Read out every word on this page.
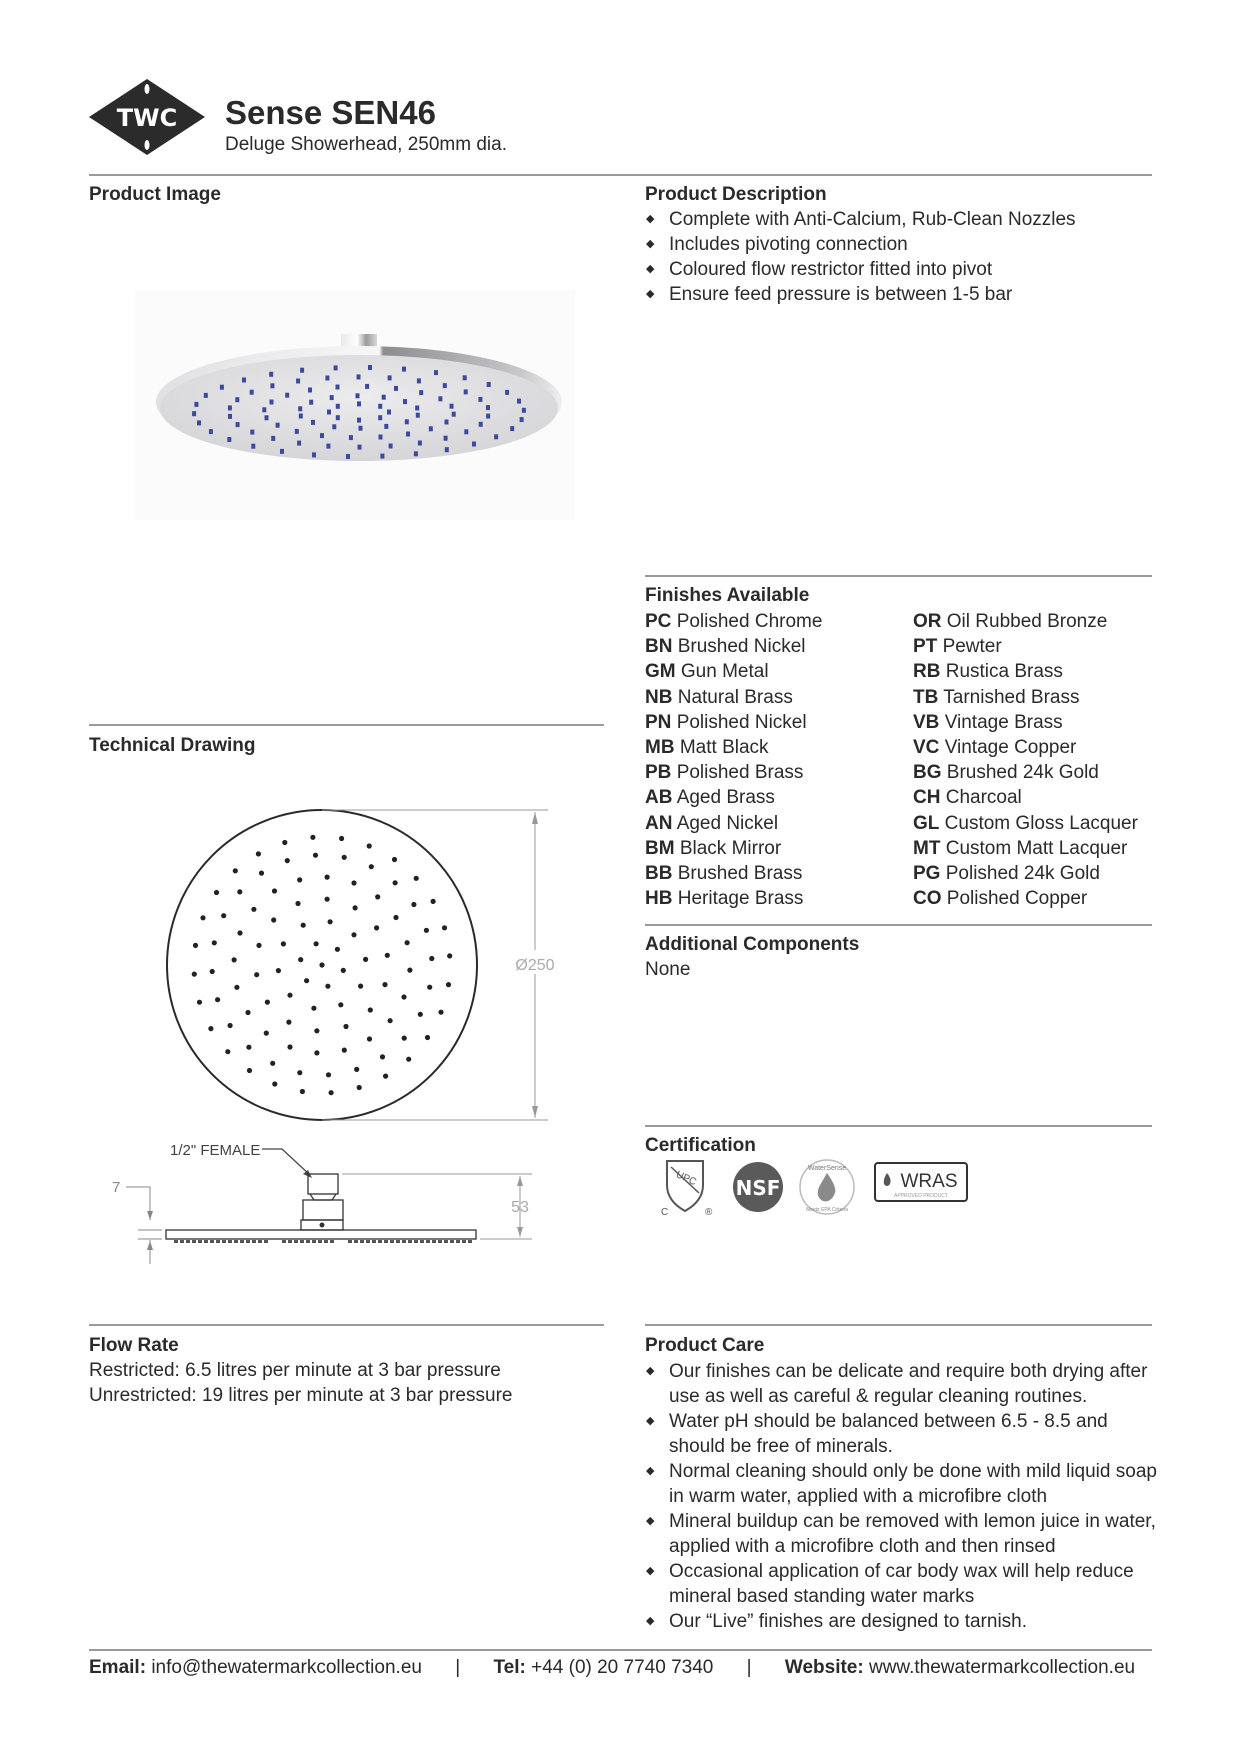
TWC Sense SEN46
Deluge Showerhead, 250mm dia.
Product Image	Product Description
◆ Complete with Anti-Calcium, Rub-Clean Nozzles
◆ Includes pivoting connection
◆ Coloured flow restrictor fitted into pivot
◆ Ensure feed pressure is between 1-5 bar
Finishes Available
PC Polished Chrome
BN Brushed Nickel
GM Gun Metal
NB Natural Brass
PN Polished Nickel
MB Matt Black
PB Polished Brass
AB Aged Brass
AN Aged Nickel
BM Black Mirror
BB Brushed Brass
HB Heritage Brass
OR Oil Rubbed Bronze
PT Pewter
RB Rustica Brass
TB Tarnished Brass
VB Vintage Brass
VC Vintage Copper
BG Brushed 24k Gold
CH Charcoal
GL Custom Gloss Lacquer
MT Custom Matt Lacquer
PG Polished 24k Gold
CO Polished Copper
Additional Components
None
Technical Drawing
Ø250
1/2" FEMALE
53
7
Certification
UPC
C	®
NSF
WaterSense
Meets EPA Criteria
WRAS
APPROVED PRODUCT
Flow Rate
Restricted: 6.5 litres per minute at 3 bar pressure
Unrestricted: 19 litres per minute at 3 bar pressure
Product Care
◆ Our finishes can be delicate and require both drying after use as well as careful & regular cleaning routines.
◆ Water pH should be balanced between 6.5 - 8.5 and should be free of minerals.
◆ Normal cleaning should only be done with mild liquid soap in warm water, applied with a microfibre cloth
◆ Mineral buildup can be removed with lemon juice in water, applied with a microfibre cloth and then rinsed
◆ Occasional application of car body wax will help reduce mineral based standing water marks
◆ Our “Live” finishes are designed to tarnish.
Email: info@thewatermarkcollection.eu | Tel: +44 (0) 20 7740 7340 | Website: www.thewatermarkcollection.eu
